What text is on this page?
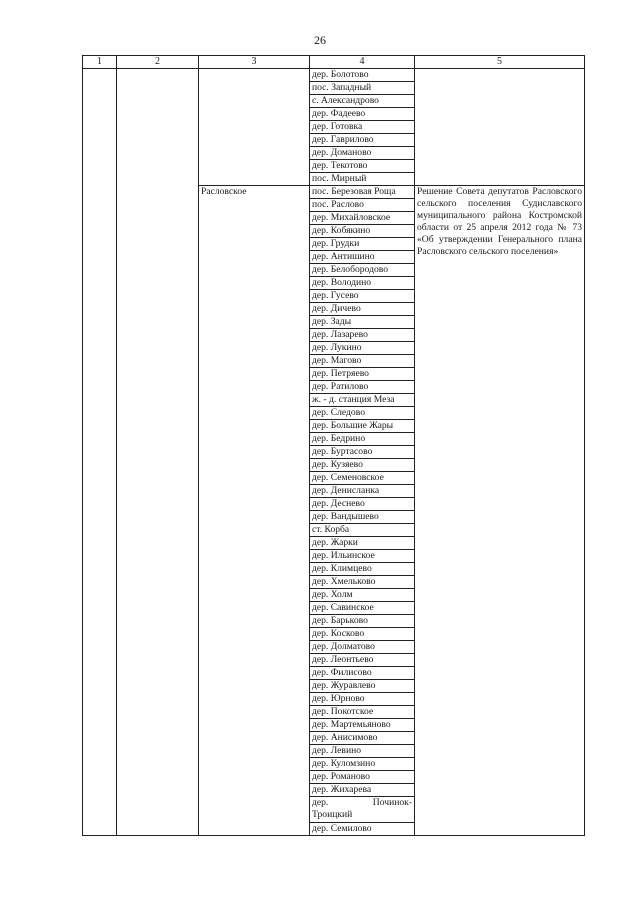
26
1	2	3	4	5
			дер. Болотово	
			пос. Западный	
			с. Александрово	
			дер. Фадеево	
			дер. Готовка	
			дер. Гаврилово	
			дер. Доманово	
			дер. Текотово	
			пос. Мирный	
		Расловское	пос. Березовая Роща	Решение Совета депутатов Расловского сельского поселения Судиславского муниципального района Костромской области от 25 апреля 2012 года № 73 «Об утверждении Генерального плана Расловского сельского поселения»
			пос. Раслово	
			дер. Михайловское	
			дер. Кобякино	
			дер. Грудки	
			дер. Антишино	
			дер. Белобородово	
			дер. Володино	
			дер. Гусево	
			дер. Дичево	
			дер. Зады	
			дер. Лазарево	
			дер. Лукино	
			дер. Магово	
			дер. Петряево	
			дер. Ратилово	
			ж. - д. станция Меза	
			дер. Следово	
			дер. Большие Жары	
			дер. Бедрино	
			дер. Буртасово	
			дер. Кузяево	
			дер. Семеновское	
			дер. Денисланка	
			дер. Деснево	
			дер. Вандышево	
			ст. Корба	
			дер. Жарки	
			дер. Ильинское	
			дер. Климцево	
			дер. Хмельково	
			дер. Холм	
			дер. Савинское	
			дер. Барьково	
			дер. Косково	
			дер. Долматово	
			дер. Леонтьево	
			дер. Филисово	
			дер. Журавлево	
			дер. Юрново	
			дер. Покотское	
			дер. Мартемьяново	
			дер. Анисимово	
			дер. Левино	
			дер. Куломзино	
			дер. Романово	
			дер. Жихарева	

			дер. Починок-
Троицкий	

			дер. Семилово	
